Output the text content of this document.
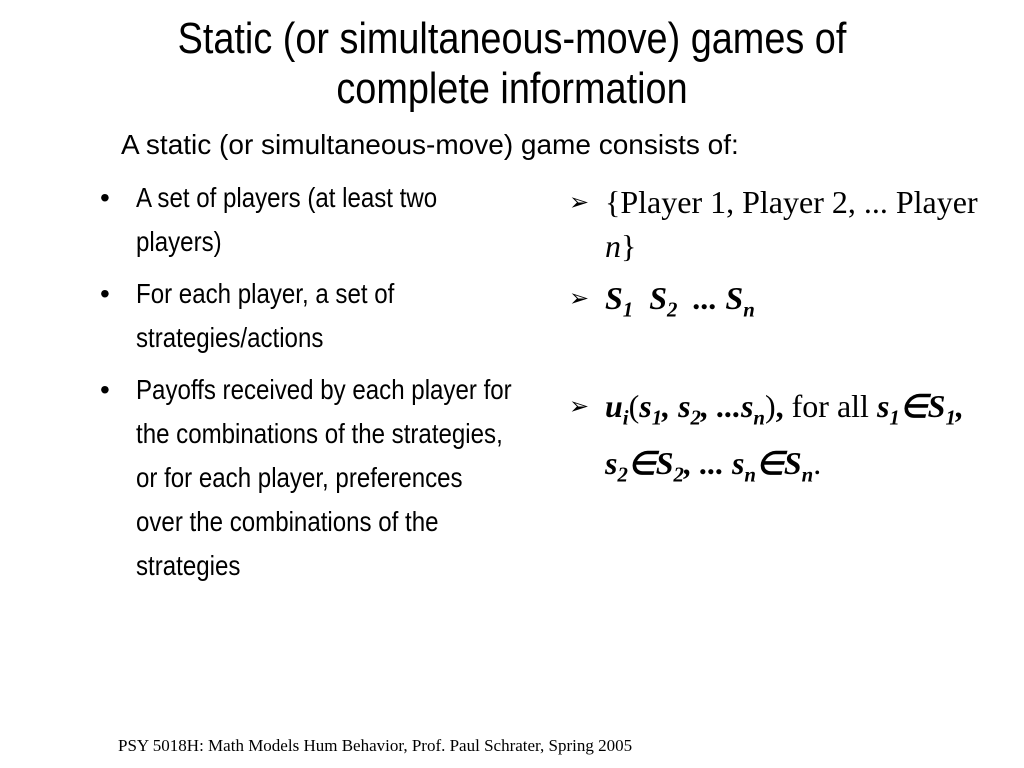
Static (or simultaneous-move) games of
complete information
A static (or simultaneous-move) game consists of:
• A set of players (at least two players)
• For each player, a set of strategies/actions
• Payoffs received by each player for the combinations of the strategies, or for each player, preferences over the combinations of the strategies
➢ {Player 1, Player 2, ... Player n}
➢ $S_1$  $S_2$  ... $S_n$
➢ $u_i(s_1$, $s_2$, $...s_n$), for all $s_1\in S_1$, $s_2\in S_2$, ... $s_n\in S_n$.
PSY 5018H: Math Models Hum Behavior, Prof. Paul Schrater, Spring 2005
